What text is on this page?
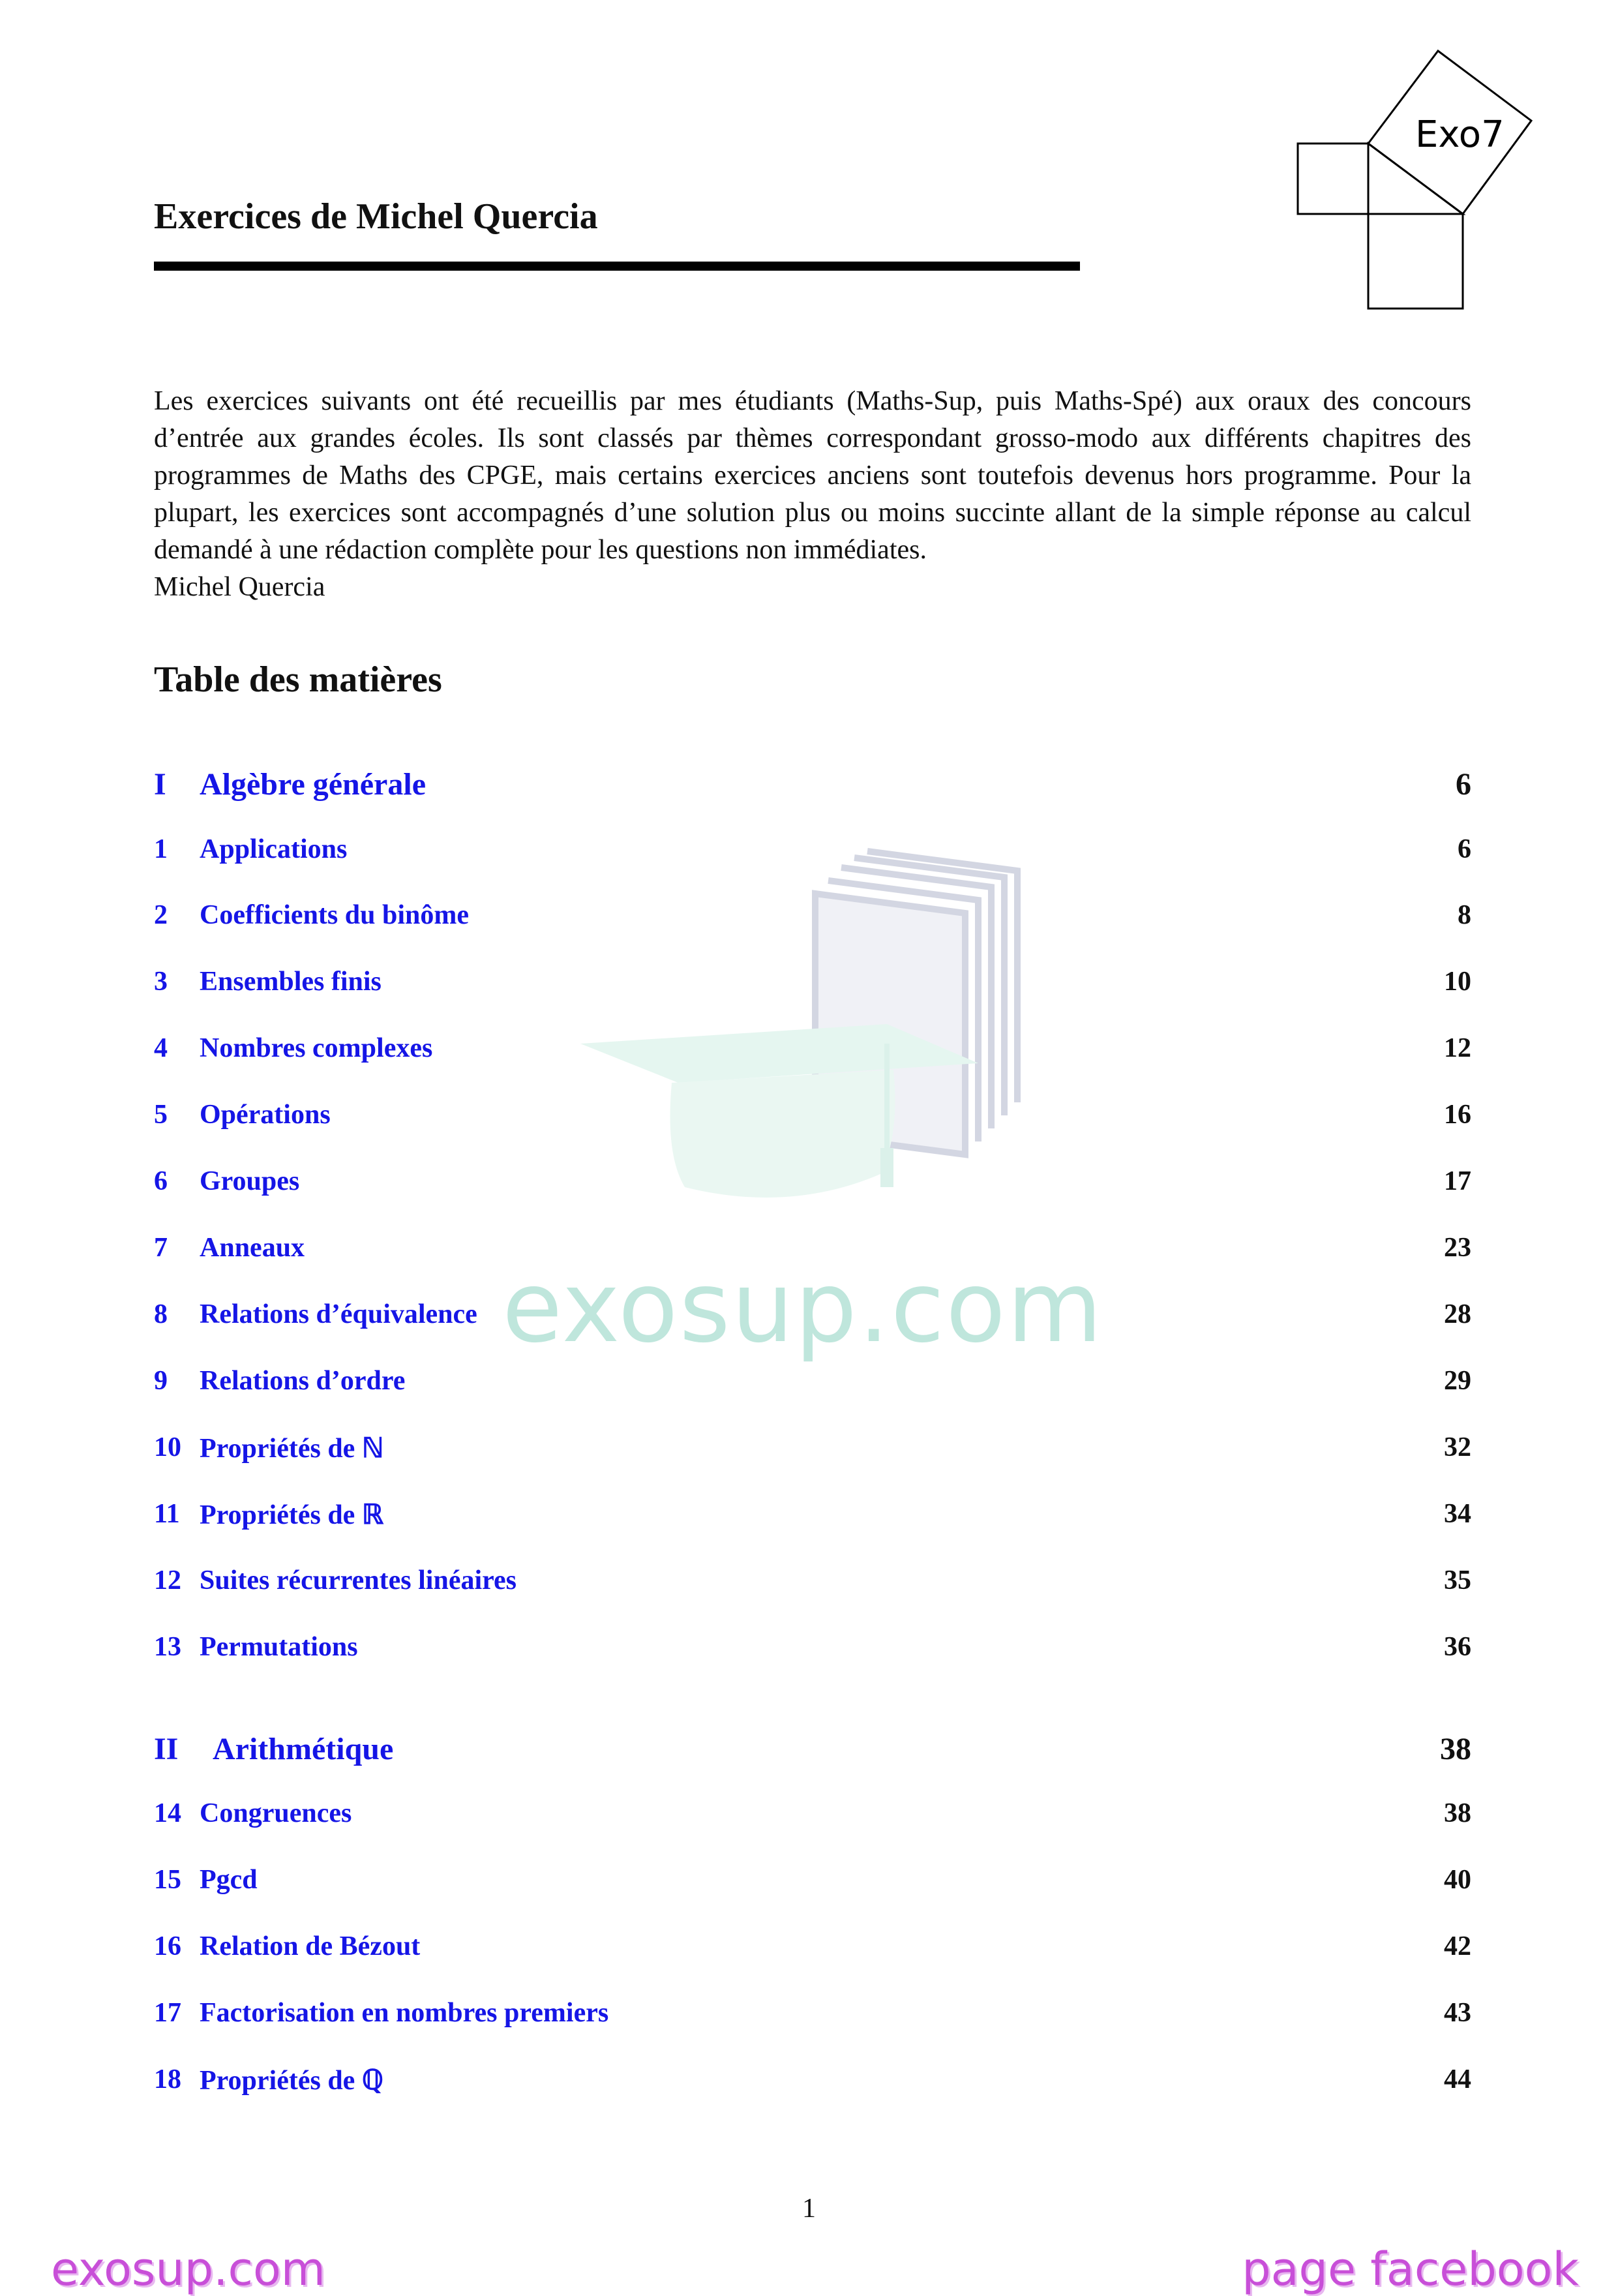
Exo7
Exercices de Michel Quercia

Les exercices suivants ont été recueillis par mes étudiants (Maths-Sup, puis Maths-Spé) aux oraux des concours d’entrée aux grandes écoles. Ils sont classés par thèmes correspondant grosso-modo aux différents chapitres des programmes de Maths des CPGE, mais certains exercices anciens sont toutefois devenus hors programme. Pour la plupart, les exercices sont accompagnés d’une solution plus ou moins succinte allant de la simple réponse au calcul demandé à une rédaction complète pour les questions non immédiates.

Michel Quercia
Table des matières
exosup.com
I Algèbre générale	6
1 Applications	6
2 Coefficients du binôme	8
3 Ensembles finis	10
4 Nombres complexes	12
5 Opérations	16
6 Groupes	17
7 Anneaux	23
8 Relations d’équivalence	28
9 Relations d’ordre	29
10 Propriétés de ℕ	32
11 Propriétés de ℝ	34
12 Suites récurrentes linéaires	35
13 Permutations	36
II Arithmétique	38
14 Congruences	38
15 Pgcd	40
16 Relation de Bézout	42
17 Factorisation en nombres premiers	43
18 Propriétés de ℚ	44
1
exosup.com	page facebook
